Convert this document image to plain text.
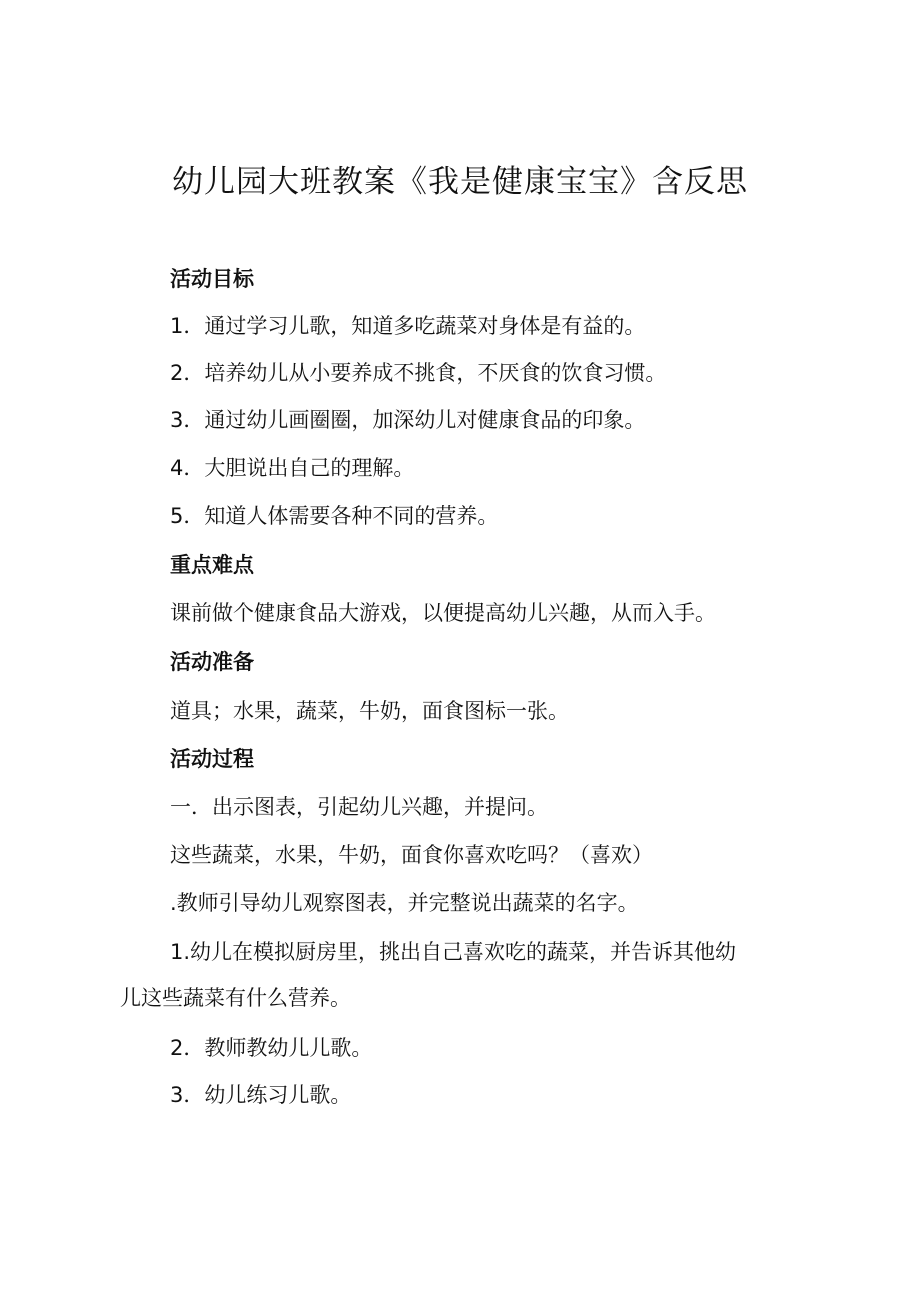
幼儿园大班教案《我是健康宝宝》含反思

活动目标

1．通过学习儿歌，知道多吃蔬菜对身体是有益的。

2．培养幼儿从小要养成不挑食，不厌食的饮食习惯。

3．通过幼儿画圈圈，加深幼儿对健康食品的印象。

4．大胆说出自己的理解。

5．知道人体需要各种不同的营养。

重点难点

课前做个健康食品大游戏，以便提高幼儿兴趣，从而入手。

活动准备

道具；水果，蔬菜，牛奶，面食图标一张。

活动过程

一．出示图表，引起幼儿兴趣，并提问。

这些蔬菜，水果，牛奶，面食你喜欢吃吗？（喜欢）

.教师引导幼儿观察图表，并完整说出蔬菜的名字。

1.幼儿在模拟厨房里，挑出自己喜欢吃的蔬菜，并告诉其他幼

儿这些蔬菜有什么营养。

2．教师教幼儿儿歌。

3．幼儿练习儿歌。
